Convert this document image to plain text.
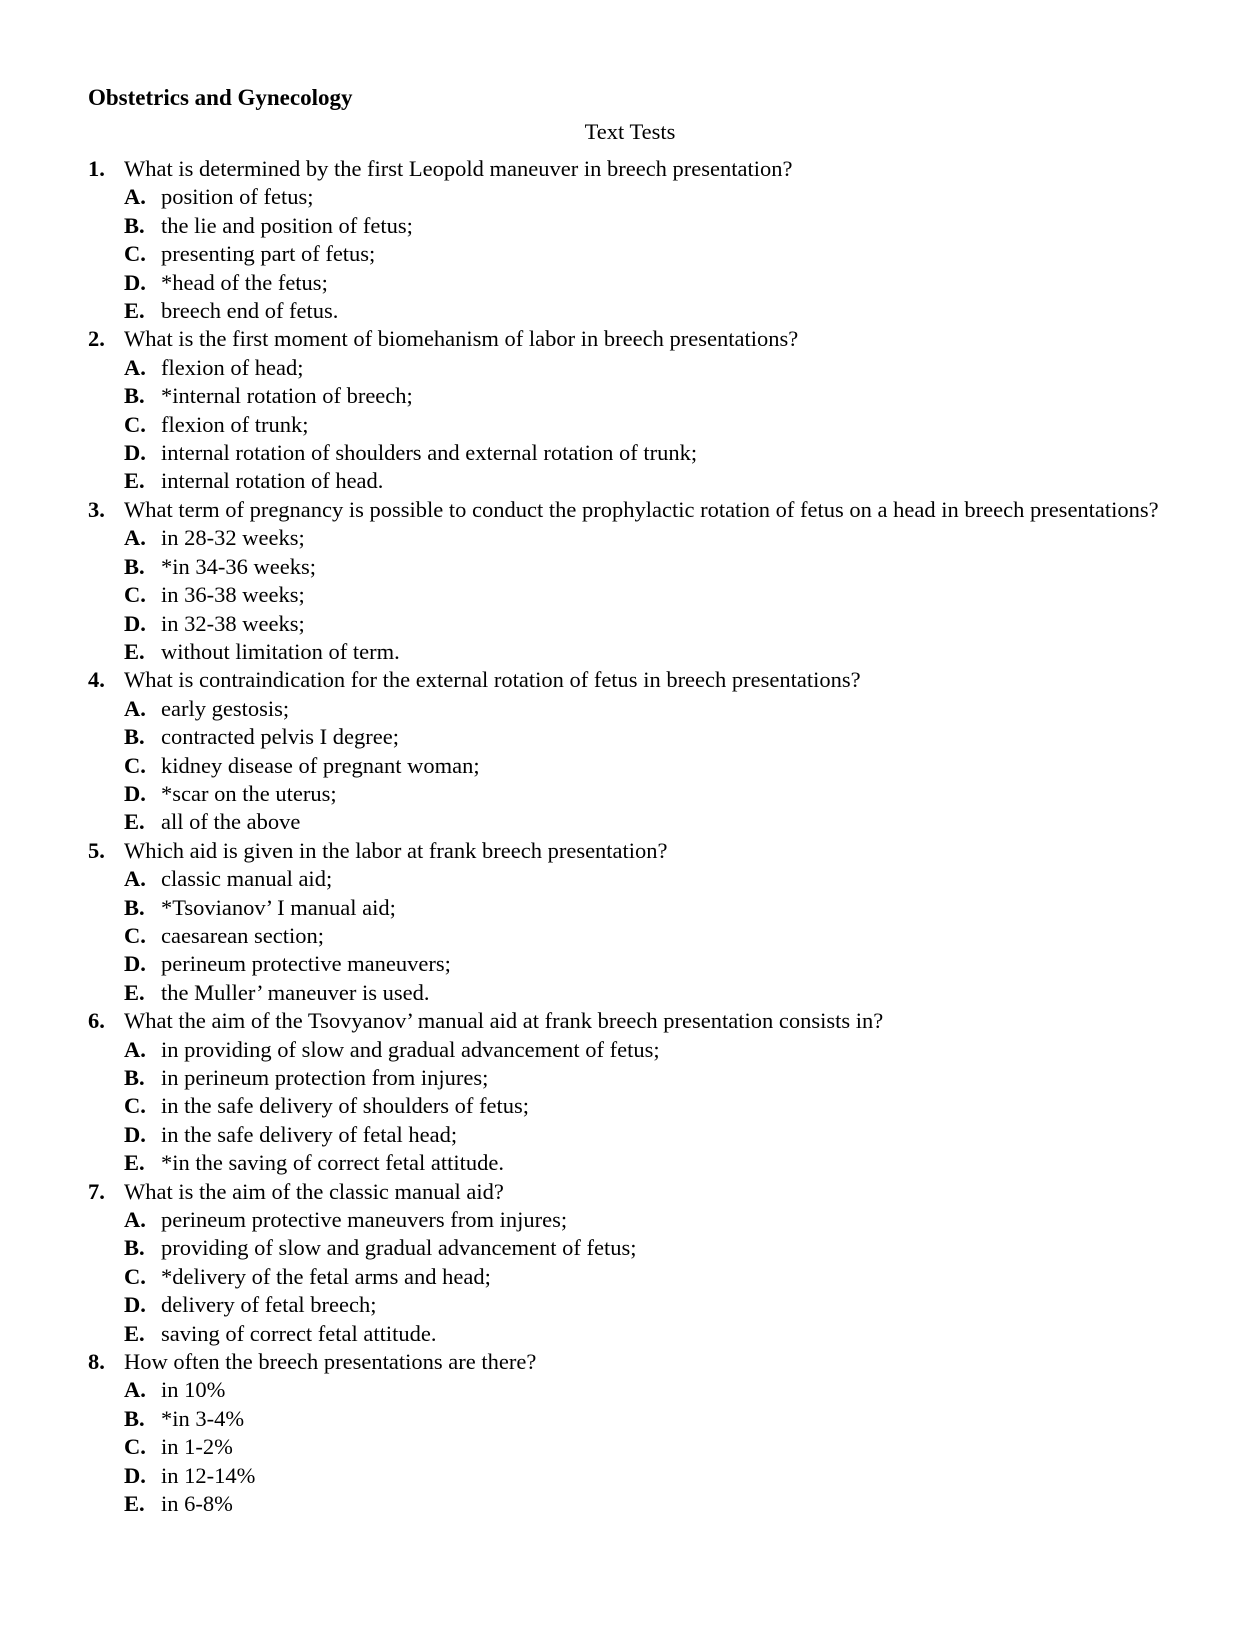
Obstetrics and Gynecology
Text Tests
1. What is determined by the first Leopold maneuver in breech presentation?
A. position of fetus;
B. the lie and position of fetus;
C. presenting part of fetus;
D. *head of the fetus;
E. breech end of fetus.
2. What is the first moment of biomehanism of labor in breech presentations?
A. flexion of head;
B. *internal rotation of breech;
C. flexion of trunk;
D. internal rotation of shoulders and external rotation of trunk;
E. internal rotation of head.
3. What term of pregnancy is possible to conduct the prophylactic rotation of fetus on a head in breech presentations?
A. in 28-32 weeks;
B. *in 34-36 weeks;
C. in 36-38 weeks;
D. in 32-38 weeks;
E. without limitation of term.
4. What is contraindication for the external rotation of fetus in breech presentations?
A. early gestosis;
B. contracted pelvis I degree;
C. kidney disease of pregnant woman;
D. *scar on the uterus;
E. all of the above
5. Which aid is given in the labor at frank breech presentation?
A. classic manual aid;
B. *Tsovianov’ I manual aid;
C. caesarean section;
D. perineum protective maneuvers;
E. the Muller’ maneuver is used.
6. What the aim of the Tsovyanov’ manual aid at frank breech presentation consists in?
A. in providing of slow and gradual advancement of fetus;
B. in perineum protection from injures;
C. in the safe delivery of shoulders of fetus;
D. in the safe delivery of fetal head;
E. *in the saving of correct fetal attitude.
7. What is the aim of the classic manual aid?
A. perineum protective maneuvers from injures;
B. providing of slow and gradual advancement of fetus;
C. *delivery of the fetal arms and head;
D. delivery of fetal breech;
E. saving of correct fetal attitude.
8. How often the breech presentations are there?
A. in 10%
B. *in 3-4%
C. in 1-2%
D. in 12-14%
E. in 6-8%
